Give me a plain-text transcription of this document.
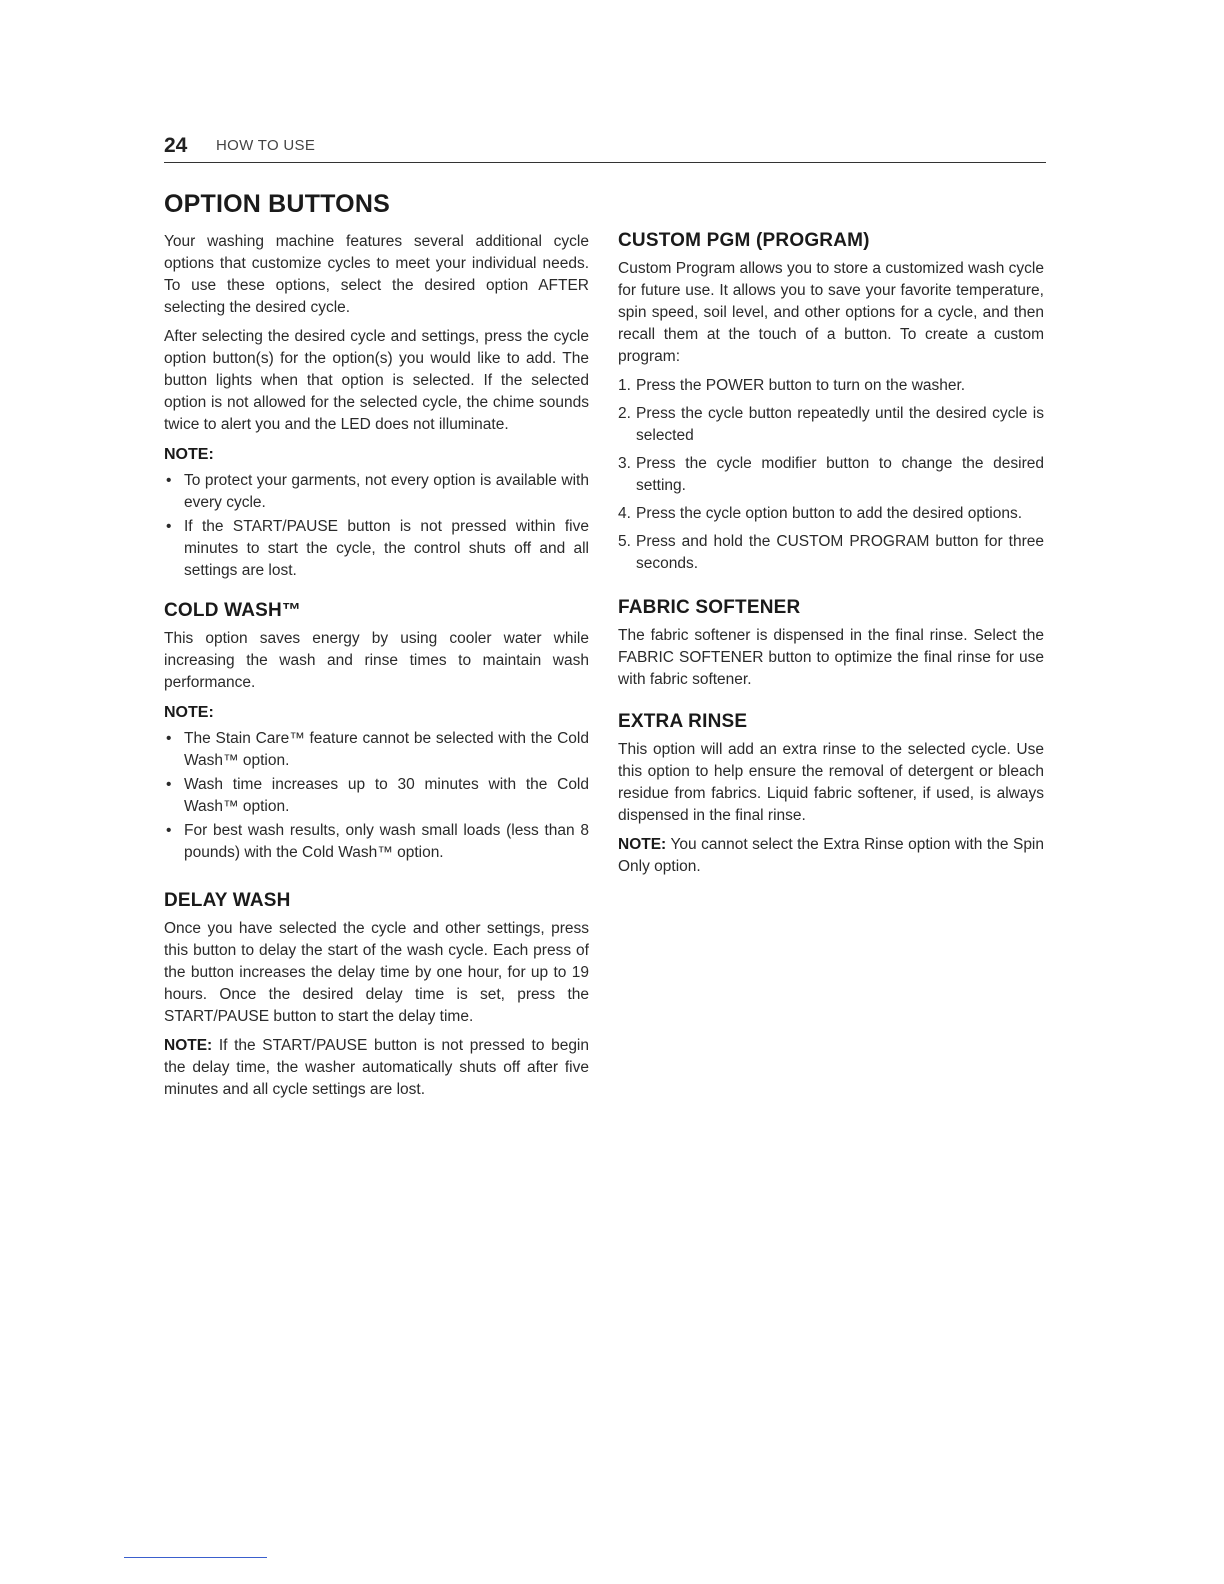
24 HOW TO USE
OPTION BUTTONS

Your washing machine features several additional cycle options that customize cycles to meet your individual needs. To use these options, select the desired option AFTER selecting the desired cycle.

After selecting the desired cycle and settings, press the cycle option button(s) for the option(s) you would like to add. The button lights when that option is selected. If the selected option is not allowed for the selected cycle, the chime sounds twice to alert you and the LED does not illuminate.

NOTE:
• To protect your garments, not every option is available with every cycle.
• If the START/PAUSE button is not pressed within five minutes to start the cycle, the control shuts off and all settings are lost.
COLD WASH™

This option saves energy by using cooler water while increasing the wash and rinse times to maintain wash performance.

NOTE:
• The Stain Care™ feature cannot be selected with the Cold Wash™ option.
• Wash time increases up to 30 minutes with the Cold Wash™ option.
• For best wash results, only wash small loads (less than 8 pounds) with the Cold Wash™ option.
DELAY WASH

Once you have selected the cycle and other settings, press this button to delay the start of the wash cycle. Each press of the button increases the delay time by one hour, for up to 19 hours. Once the desired delay time is set, press the START/PAUSE button to start the delay time.

NOTE: If the START/PAUSE button is not pressed to begin the delay time, the washer automatically shuts off after five minutes and all cycle settings are lost.

CUSTOM PGM (PROGRAM)

Custom Program allows you to store a customized wash cycle for future use. It allows you to save your favorite temperature, spin speed, soil level, and other options for a cycle, and then recall them at the touch of a button. To create a custom program:

1. Press the POWER button to turn on the washer.
2. Press the cycle button repeatedly until the desired cycle is selected
3. Press the cycle modifier button to change the desired setting.
4. Press the cycle option button to add the desired options.
5. Press and hold the CUSTOM PROGRAM button for three seconds.
FABRIC SOFTENER

The fabric softener is dispensed in the final rinse. Select the FABRIC SOFTENER button to optimize the final rinse for use with fabric softener.

EXTRA RINSE

This option will add an extra rinse to the selected cycle. Use this option to help ensure the removal of detergent or bleach residue from fabrics. Liquid fabric softener, if used, is always dispensed in the final rinse.

NOTE: You cannot select the Extra Rinse option with the Spin Only option.
